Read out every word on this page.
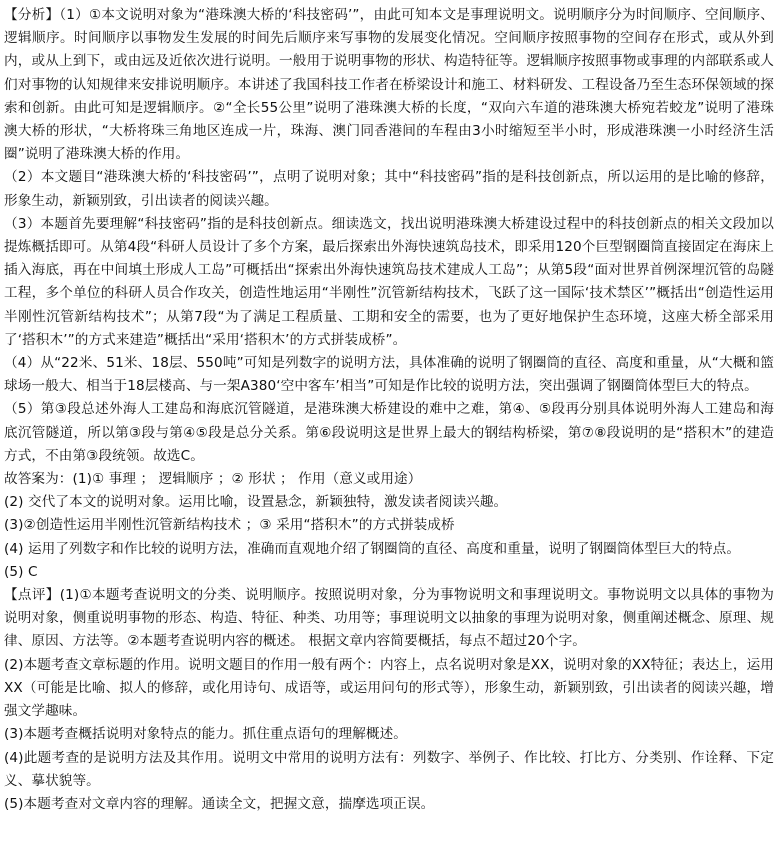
【分析】（1）①本文说明对象为“港珠澳大桥的‘科技密码’”，由此可知本文是事理说明文。说明顺序分为时间顺序、空间顺序、逻辑顺序。时间顺序以事物发生发展的时间先后顺序来写事物的发展变化情况。空间顺序按照事物的空间存在形式，或从外到内，或从上到下，或由远及近依次进行说明。一般用于说明事物的形状、构造特征等。逻辑顺序按照事物或事理的内部联系或人们对事物的认知规律来安排说明顺序。本讲述了我国科技工作者在桥梁设计和施工、材料研发、工程设备乃至生态环保领域的探索和创新。由此可知是逻辑顺序。②“全长55公里”说明了港珠澳大桥的长度，“双向六车道的港珠澳大桥宛若蛟龙”说明了港珠澳大桥的形状，“大桥将珠三角地区连成一片，珠海、澳门同香港间的车程由3小时缩短至半小时，形成港珠澳一小时经济生活圈”说明了港珠澳大桥的作用。

（2）本文题目“港珠澳大桥的‘科技密码’”，点明了说明对象；其中“科技密码”指的是科技创新点，所以运用的是比喻的修辞，形象生动，新颖别致，引出读者的阅读兴趣。

（3）本题首先要理解“科技密码”指的是科技创新点。细读选文，找出说明港珠澳大桥建设过程中的科技创新点的相关文段加以提炼概括即可。从第4段“科研人员设计了多个方案，最后探索出外海快速筑岛技术，即采用120个巨型钢圈筒直接固定在海床上插入海底，再在中间填土形成人工岛”可概括出“探索出外海快速筑岛技术建成人工岛”；从第5段“面对世界首例深埋沉管的岛隧工程，多个单位的科研人员合作攻关，创造性地运用“半刚性”沉管新结构技术，飞跃了这一国际‘技术禁区’”概括出“创造性运用半刚性沉管新结构技术”；从第7段“为了满足工程质量、工期和安全的需要，也为了更好地保护生态环境，这座大桥全部采用了‘搭积木’”的方式来建造”概括出“采用‘搭积木’的方式拼装成桥”。

（4）从“22米、51米、18层、550吨”可知是列数字的说明方法，具体准确的说明了钢圈筒的直径、高度和重量，从“大概和篮球场一般大、相当于18层楼高、与一架A380‘空中客车’相当”可知是作比较的说明方法，突出强调了钢圈筒体型巨大的特点。

（5）第③段总述外海人工建岛和海底沉管隧道，是港珠澳大桥建设的难中之难，第④、⑤段再分别具体说明外海人工建岛和海底沉管隧道，所以第③段与第④⑤段是总分关系。第⑥段说明这是世界上最大的钢结构桥梁，第⑦⑧段说明的是“搭积木”的建造方式，不由第③段统领。故选C。

故答案为：(1)① 事理 ； 逻辑顺序 ；② 形状 ； 作用（意义或用途）

(2) 交代了本文的说明对象。运用比喻，设置悬念，新颖独特，激发读者阅读兴趣。

(3)②创造性运用半刚性沉管新结构技术 ；③ 采用“搭积木”的方式拼装成桥

(4) 运用了列数字和作比较的说明方法，准确而直观地介绍了钢圈筒的直径、高度和重量，说明了钢圈筒体型巨大的特点。

(5) C

【点评】(1)①本题考查说明文的分类、说明顺序。按照说明对象，分为事物说明文和事理说明文。事物说明文以具体的事物为说明对象，侧重说明事物的形态、构造、特征、种类、功用等；事理说明文以抽象的事理为说明对象，侧重阐述概念、原理、规律、原因、方法等。②本题考查说明内容的概述。 根据文章内容简要概括，每点不超过20个字。

(2)本题考查文章标题的作用。说明文题目的作用一般有两个：内容上，点名说明对象是XX，说明对象的XX特征；表达上，运用XX（可能是比喻、拟人的修辞，或化用诗句、成语等，或运用问句的形式等），形象生动，新颖别致，引出读者的阅读兴趣，增强文学趣味。

(3)本题考查概括说明对象特点的能力。抓住重点语句的理解概述。

(4)此题考查的是说明方法及其作用。说明文中常用的说明方法有：列数字、举例子、作比较、打比方、分类别、作诠释、下定义、摹状貌等。

(5)本题考查对文章内容的理解。通读全文，把握文意，揣摩选项正误。
